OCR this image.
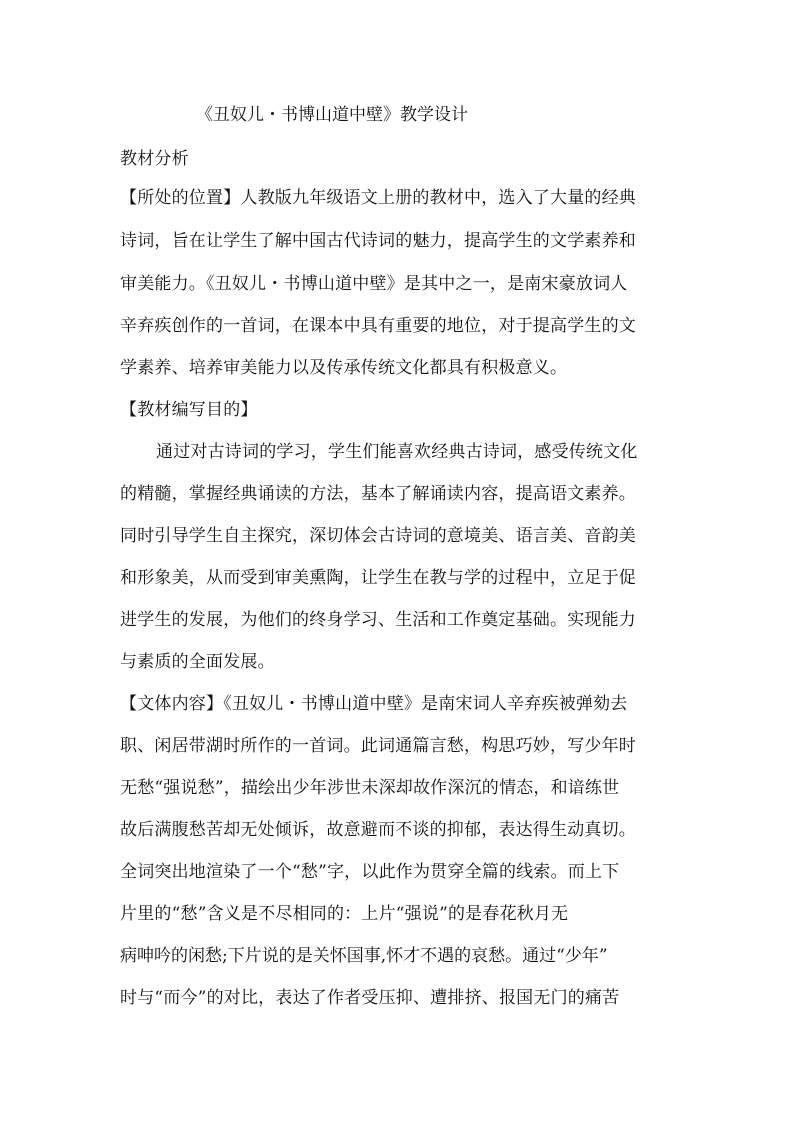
《丑奴儿・书博山道中壁》教学设计
教材分析
【所处的位置】人教版九年级语文上册的教材中，选入了大量的经典
诗词，旨在让学生了解中国古代诗词的魅力，提高学生的文学素养和
审美能力。《丑奴儿・书博山道中壁》是其中之一，是南宋豪放词人
辛弃疾创作的一首词，在课本中具有重要的地位，对于提高学生的文
学素养、培养审美能力以及传承传统文化都具有积极意义。
【教材编写目的】
通过对古诗词的学习，学生们能喜欢经典古诗词，感受传统文化
的精髓，掌握经典诵读的方法，基本了解诵读内容，提高语文素养。
同时引导学生自主探究，深切体会古诗词的意境美、语言美、音韵美
和形象美，从而受到审美熏陶，让学生在教与学的过程中，立足于促
进学生的发展，为他们的终身学习、生活和工作奠定基础。实现能力
与素质的全面发展。
【文体内容】《丑奴儿・书博山道中壁》是南宋词人辛弃疾被弹劾去
职、闲居带湖时所作的一首词。此词通篇言愁，构思巧妙，写少年时
无愁“强说愁”，描绘出少年涉世未深却故作深沉的情态，和谙练世
故后满腹愁苦却无处倾诉，故意避而不谈的抑郁，表达得生动真切。
全词突出地渲染了一个“愁”字，以此作为贯穿全篇的线索。而上下
片里的“愁”含义是不尽相同的：上片“强说”的是春花秋月无
病呻吟的闲愁;下片说的是关怀国事,怀才不遇的哀愁。通过“少年”
时与“而今”的对比，表达了作者受压抑、遭排挤、报国无门的痛苦
